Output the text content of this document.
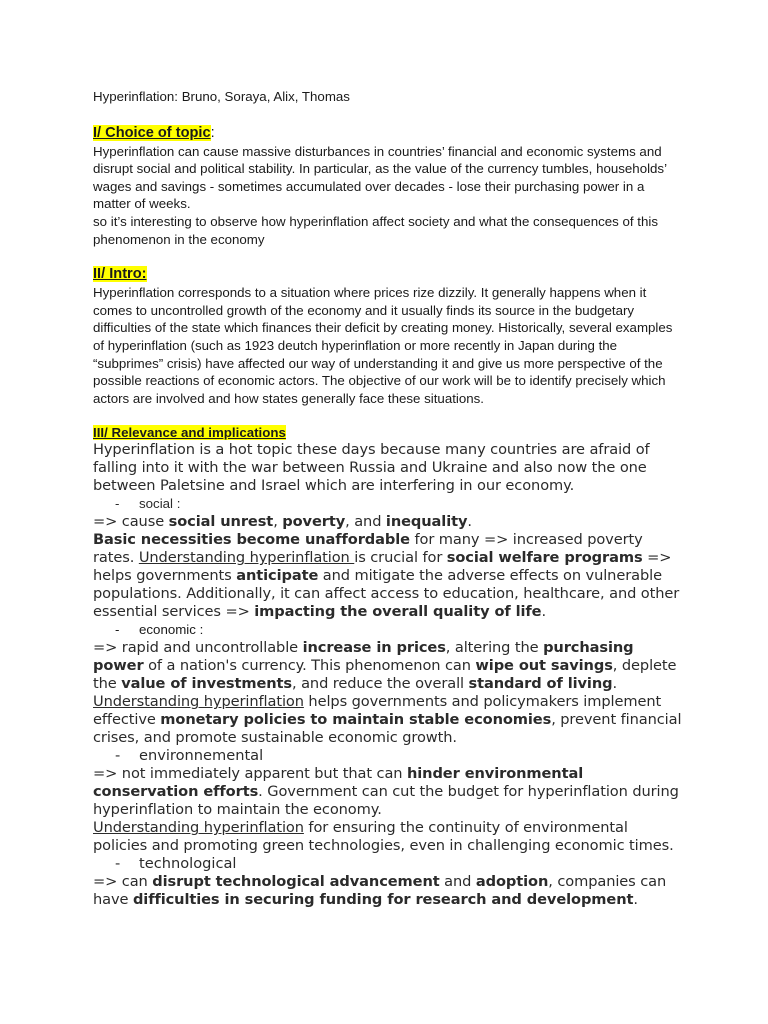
Hyperinflation: Bruno, Soraya, Alix, Thomas

I/ Choice of topic:

Hyperinflation can cause massive disturbances in countries’ financial and economic systems and disrupt social and political stability. In particular, as the value of the currency tumbles, households’ wages and savings - sometimes accumulated over decades - lose their purchasing power in a matter of weeks.

so it’s interesting to observe how hyperinflation affect society and what the consequences of this phenomenon in the economy

II/ Intro:

Hyperinflation corresponds to a situation where prices rize dizzily. It generally happens when it comes to uncontrolled growth of the economy and it usually finds its source in the budgetary difficulties of the state which finances their deficit by creating money. Historically, several examples of hyperinflation (such as 1923 deutch hyperinflation or more recently in Japan during the “subprimes” crisis) have affected our way of understanding it and give us more perspective of the possible reactions of economic actors. The objective of our work will be to identify precisely which actors are involved and how states generally face these situations.

III/ Relevance and implications

Hyperinflation is a hot topic these days because many countries are afraid of falling into it with the war between Russia and Ukraine and also now the one between Paletsine and Israel which are interfering in our economy.

- social :

=> cause social unrest, poverty, and inequality.

Basic necessities become unaffordable for many => increased poverty rates. Understanding hyperinflation is crucial for social welfare programs => helps governments anticipate and mitigate the adverse effects on vulnerable populations. Additionally, it can affect access to education, healthcare, and other essential services => impacting the overall quality of life.

- economic :

=> rapid and uncontrollable increase in prices, altering the purchasing power of a nation's currency. This phenomenon can wipe out savings, deplete the value of investments, and reduce the overall standard of living.

Understanding hyperinflation helps governments and policymakers implement effective monetary policies to maintain stable economies, prevent financial crises, and promote sustainable economic growth.

- environnemental

=> not immediately apparent but that can hinder environmental conservation efforts. Government can cut the budget for hyperinflation during hyperinflation to maintain the economy.

Understanding hyperinflation for ensuring the continuity of environmental policies and promoting green technologies, even in challenging economic times.

- technological

=> can disrupt technological advancement and adoption, companies can have difficulties in securing funding for research and development.
